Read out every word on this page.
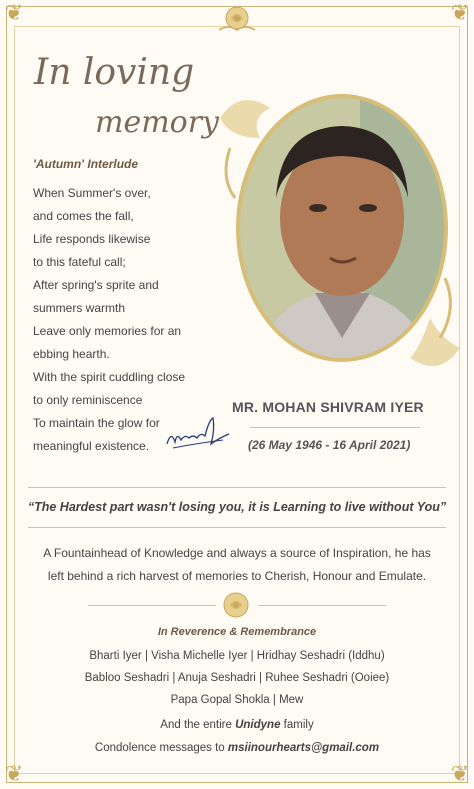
❦	❦
❦	❦
In loving
memory
'Autumn' Interlude
When Summer's over,
and comes the fall,
Life responds likewise
to this fateful call;
After spring's sprite and
summers warmth
Leave only memories for an
ebbing hearth.
With the spirit cuddling close
to only reminiscence
To maintain the glow for
meaningful existence.
MR. MOHAN SHIVRAM IYER
(26 May 1946 - 16 April 2021)
“The Hardest part wasn't losing you, it is Learning to live without You”
A Fountainhead of Knowledge and always a source of Inspiration, he has
left behind a rich harvest of memories to Cherish, Honour and Emulate.
In Reverence & Remembrance
Bharti Iyer | Visha Michelle Iyer | Hridhay Seshadri (Iddhu)
Babloo Seshadri | Anuja Seshadri | Ruhee Seshadri (Ooiee)
Papa Gopal Shokla | Mew
And the entire Unidyne family
Condolence messages to msiinourhearts@gmail.com
